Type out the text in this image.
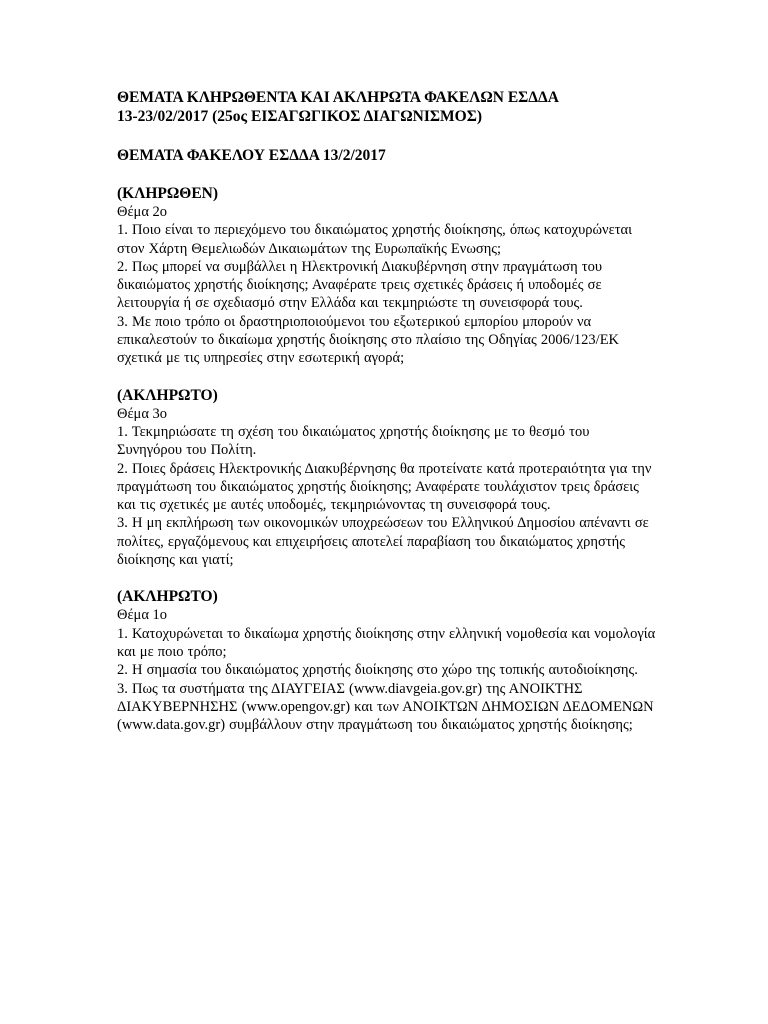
ΘΕΜΑΤΑ ΚΛΗΡΩΘΕΝΤΑ ΚΑΙ ΑΚΛΗΡΩΤΑ ΦΑΚΕΛΩΝ ΕΣΔΔΑ

13-23/02/2017 (25ος ΕΙΣΑΓΩΓΙΚΟΣ ΔΙΑΓΩΝΙΣΜΟΣ)

ΘΕΜΑΤΑ ΦΑΚΕΛΟΥ ΕΣΔΔΑ 13/2/2017

(ΚΛΗΡΩΘΕΝ)

Θέμα 2ο

1. Ποιο είναι το περιεχόμενο του δικαιώματος χρηστής διοίκησης, όπως κατοχυρώνεται στον Χάρτη Θεμελιωδών Δικαιωμάτων της Ευρωπαϊκής Ενωσης;

2. Πως μπορεί να συμβάλλει η Ηλεκτρονική Διακυβέρνηση στην πραγμάτωση του δικαιώματος χρηστής διοίκησης; Αναφέρατε τρεις σχετικές δράσεις ή υποδομές σε λειτουργία ή σε σχεδιασμό στην Ελλάδα και τεκμηριώστε τη συνεισφορά τους.

3. Με ποιο τρόπο οι δραστηριοποιούμενοι του εξωτερικού εμπορίου μπορούν να επικαλεστούν το δικαίωμα χρηστής διοίκησης στο πλαίσιο της Οδηγίας 2006/123/ΕΚ σχετικά με τις υπηρεσίες στην εσωτερική αγορά;

(ΑΚΛΗΡΩΤΟ)

Θέμα 3ο

1. Τεκμηριώσατε τη σχέση του δικαιώματος χρηστής διοίκησης με το θεσμό του Συνηγόρου του Πολίτη.

2. Ποιες δράσεις Ηλεκτρονικής Διακυβέρνησης θα προτείνατε κατά προτεραιότητα για την πραγμάτωση του δικαιώματος χρηστής διοίκησης; Αναφέρατε τουλάχιστον τρεις δράσεις και τις σχετικές με αυτές υποδομές, τεκμηριώνοντας τη συνεισφορά τους.

3. Η μη εκπλήρωση των οικονομικών υποχρεώσεων του Ελληνικού Δημοσίου απέναντι σε πολίτες, εργαζόμενους και επιχειρήσεις αποτελεί παραβίαση του δικαιώματος χρηστής διοίκησης και γιατί;

(ΑΚΛΗΡΩΤΟ)

Θέμα 1ο

1. Κατοχυρώνεται το δικαίωμα χρηστής διοίκησης στην ελληνική νομοθεσία και νομολογία και με ποιο τρόπο;

2. Η σημασία του δικαιώματος χρηστής διοίκησης στο χώρο της τοπικής αυτοδιοίκησης.

3. Πως τα συστήματα της ΔΙΑΥΓΕΙΑΣ (www.diavgeia.gov.gr) της ΑΝΟΙΚΤΗΣ ΔΙΑΚΥΒΕΡΝΗΣΗΣ (www.opengov.gr) και των ΑΝΟΙΚΤΩΝ ΔΗΜΟΣΙΩΝ ΔΕΔΟΜΕΝΩΝ (www.data.gov.gr) συμβάλλουν στην πραγμάτωση του δικαιώματος χρηστής διοίκησης;
